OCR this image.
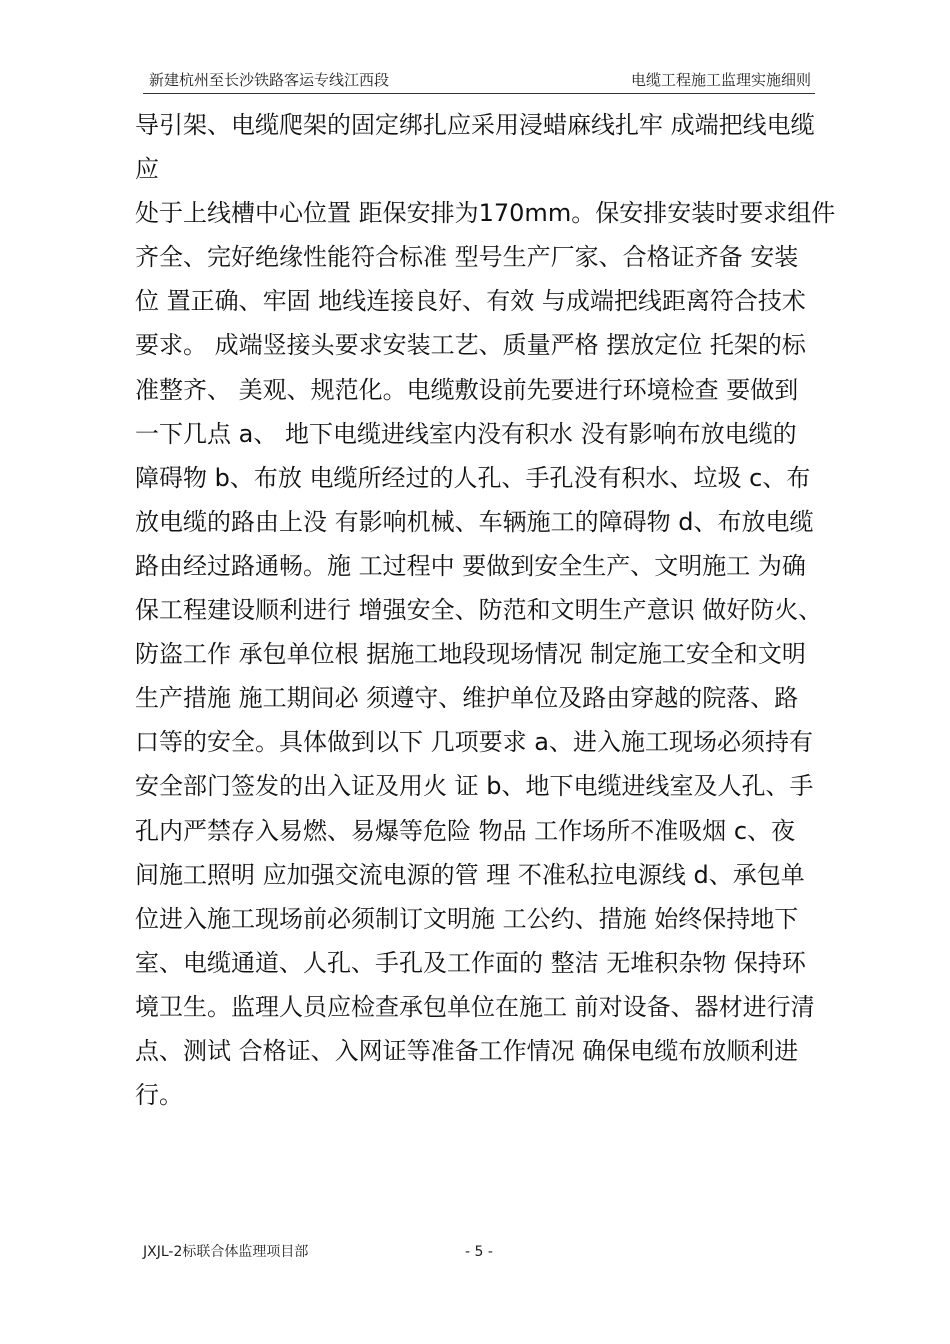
新建杭州至长沙铁路客运专线江西段	电缆工程施工监理实施细则
导引架、电缆爬架的固定绑扎应采用浸蜡麻线扎牢 成端把线电缆
应
处于上线槽中心位置 距保安排为170mm。保安排安装时要求组件
齐全、完好绝缘性能符合标准 型号生产厂家、合格证齐备 安装
位 置正确、牢固 地线连接良好、有效 与成端把线距离符合技术
要求。 成端竖接头要求安装工艺、质量严格 摆放定位 托架的标
准整齐、 美观、规范化。电缆敷设前先要进行环境检查 要做到
一下几点 a、 地下电缆进线室内没有积水 没有影响布放电缆的
障碍物 b、布放 电缆所经过的人孔、手孔没有积水、垃圾 c、布
放电缆的路由上没 有影响机械、车辆施工的障碍物 d、布放电缆
路由经过路通畅。施 工过程中 要做到安全生产、文明施工 为确
保工程建设顺利进行 增强安全、防范和文明生产意识 做好防火、
防盗工作 承包单位根 据施工地段现场情况 制定施工安全和文明
生产措施 施工期间必 须遵守、维护单位及路由穿越的院落、路
口等的安全。具体做到以下 几项要求 a、进入施工现场必须持有
安全部门签发的出入证及用火 证 b、地下电缆进线室及人孔、手
孔内严禁存入易燃、易爆等危险 物品 工作场所不准吸烟 c、夜
间施工照明 应加强交流电源的管 理 不准私拉电源线 d、承包单
位进入施工现场前必须制订文明施 工公约、措施 始终保持地下
室、电缆通道、人孔、手孔及工作面的 整洁 无堆积杂物 保持环
境卫生。监理人员应检查承包单位在施工 前对设备、器材进行清
点、测试 合格证、入网证等准备工作情况 确保电缆布放顺利进
行。
JXJL-2标联合体监理项目部	- 5 -
